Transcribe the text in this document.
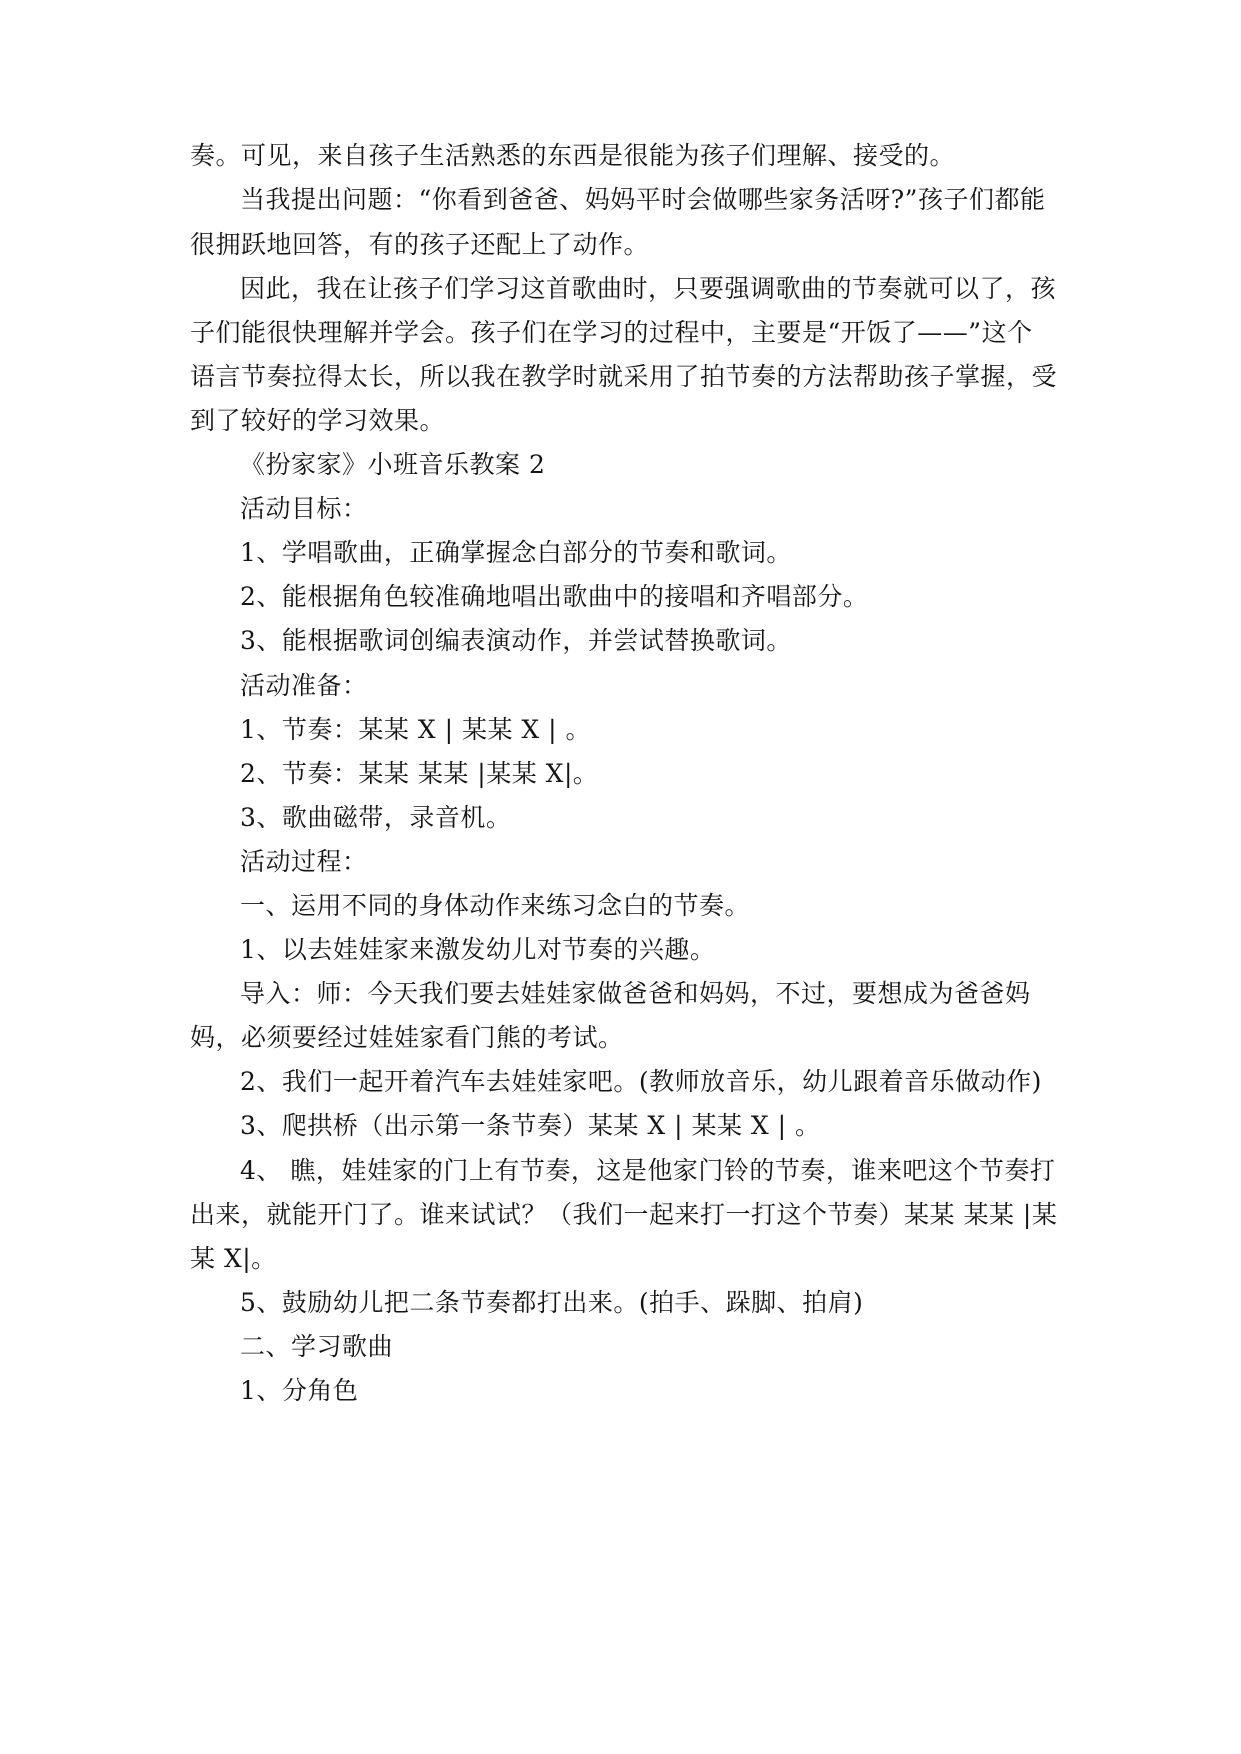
奏。可见，来自孩子生活熟悉的东西是很能为孩子们理解、接受的。
当我提出问题：“你看到爸爸、妈妈平时会做哪些家务活呀?”孩子们都能
很拥跃地回答，有的孩子还配上了动作。
因此，我在让孩子们学习这首歌曲时，只要强调歌曲的节奏就可以了，孩
子们能很快理解并学会。孩子们在学习的过程中，主要是“开饭了——”这个
语言节奏拉得太长，所以我在教学时就采用了拍节奏的方法帮助孩子掌握，受
到了较好的学习效果。
《扮家家》小班音乐教案 2
活动目标：
1、学唱歌曲，正确掌握念白部分的节奏和歌词。
2、能根据角色较准确地唱出歌曲中的接唱和齐唱部分。
3、能根据歌词创编表演动作，并尝试替换歌词。
活动准备：
1、节奏：某某 X | 某某 X | 。
2、节奏：某某 某某 |某某 X|。
3、歌曲磁带，录音机。
活动过程：
一、运用不同的身体动作来练习念白的节奏。
1、以去娃娃家来激发幼儿对节奏的兴趣。
导入：师：今天我们要去娃娃家做爸爸和妈妈，不过，要想成为爸爸妈
妈，必须要经过娃娃家看门熊的考试。
2、我们一起开着汽车去娃娃家吧。(教师放音乐，幼儿跟着音乐做动作)
3、爬拱桥（出示第一条节奏）某某 X | 某某 X | 。
4、 瞧，娃娃家的门上有节奏，这是他家门铃的节奏，谁来吧这个节奏打
出来，就能开门了。谁来试试？（我们一起来打一打这个节奏）某某 某某 |某
某 X|。
5、鼓励幼儿把二条节奏都打出来。(拍手、跺脚、拍肩)
二、学习歌曲
1、分角色
